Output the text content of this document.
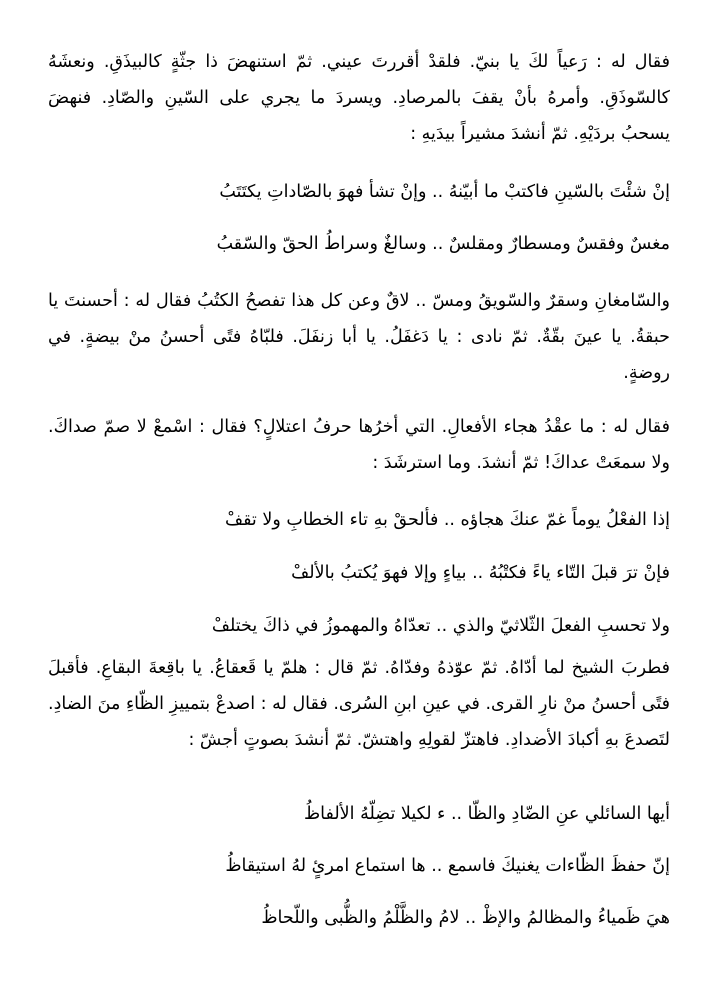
فقال له : رَعياً لكَ يا بنيّ. فلقدْ أقررتَ عيني. ثمّ استنهضَ ذا جثّةٍ كالبيذَقِ. ونعشَهُ كالسّوذَقِ. وأمرهُ بأنْ يقفَ بالمرصادِ. ويسردَ ما يجري على السّينِ والصّادِ. فنهضَ يسحبُ بردَيْهِ. ثمّ أنشدَ مشيراً بيدَيهِ :

إنْ شئْتَ بالسّينِ فاكتبْ ما أبيّنهُ .. وإنْ تشأ فهوَ بالصّاداتِ يكتَتَبُ
مغسٌ وفقسٌ ومسطارٌ ومقلسٌ .. وسالغٌ وسراطُ الحقّ والسّقبُ

والسّامغانِ وسقرٌ والسّويقُ ومسّ .. لاقٌ وعن كل هذا تفصحُ الكتُبُ فقال له : أحسنتَ يا حبقةُ. يا عينَ بقّةٌ. ثمّ نادى : يا دَغفَلُ. يا أبا زنفَلَ. فلبّاهُ فتًى أحسنُ منْ بيضةٍ. في روضةٍ.

فقال له : ما عقْدُ هجاء الأفعالِ. التي أخرُها حرفُ اعتلالٍ؟ فقال : اسْمعْ لا صمّ صداكَ. ولا سمعَتْ عداكَ! ثمّ أنشدَ. وما استرشَدَ :

إذا الفعْلُ يوماً غمّ عنكَ هجاؤه .. فألحقْ بهِ تاء الخطابِ ولا تقفْ
فإنْ ترَ قبلَ التّاء ياءً فكتْبُهُ .. بياءٍ وإلا فهوَ يُكتبُ بالألفْ
ولا تحسبِ الفعلَ الثّلاثيّ والذي .. تعدّاهُ والمهموزُ في ذاكَ يختلفْ

فطربَ الشيخ لما أدّاهُ. ثمّ عوّذهُ وفدّاهُ. ثمّ قال : هلمّ يا قَعقاعُ. يا باقِعةَ البقاعِ. فأقبلَ فتًى أحسنُ منْ نارِ القرى. في عينِ ابنِ السُرى. فقال له : اصدعْ بتمييزِ الظّاءِ منَ الضادِ. لتَصدعَ بهِ أكبادَ الأضدادِ. فاهتزّ لقولِهِ واهتشّ. ثمّ أنشدَ بصوتٍ أجشّ :

أيها السائلي عنِ الضّادِ والظّا .. ء لكيلا تضِلّهُ الألفاظُ
إنّ حفظَ الظّاءات يغنيكَ فاسمع .. ها استماع امرئٍ لهُ استيقاظُ
هيَ ظَمياءُ والمظالمُ والإظْ .. لامُ والظَّلْمُ والظُّبى واللّحاظُ
